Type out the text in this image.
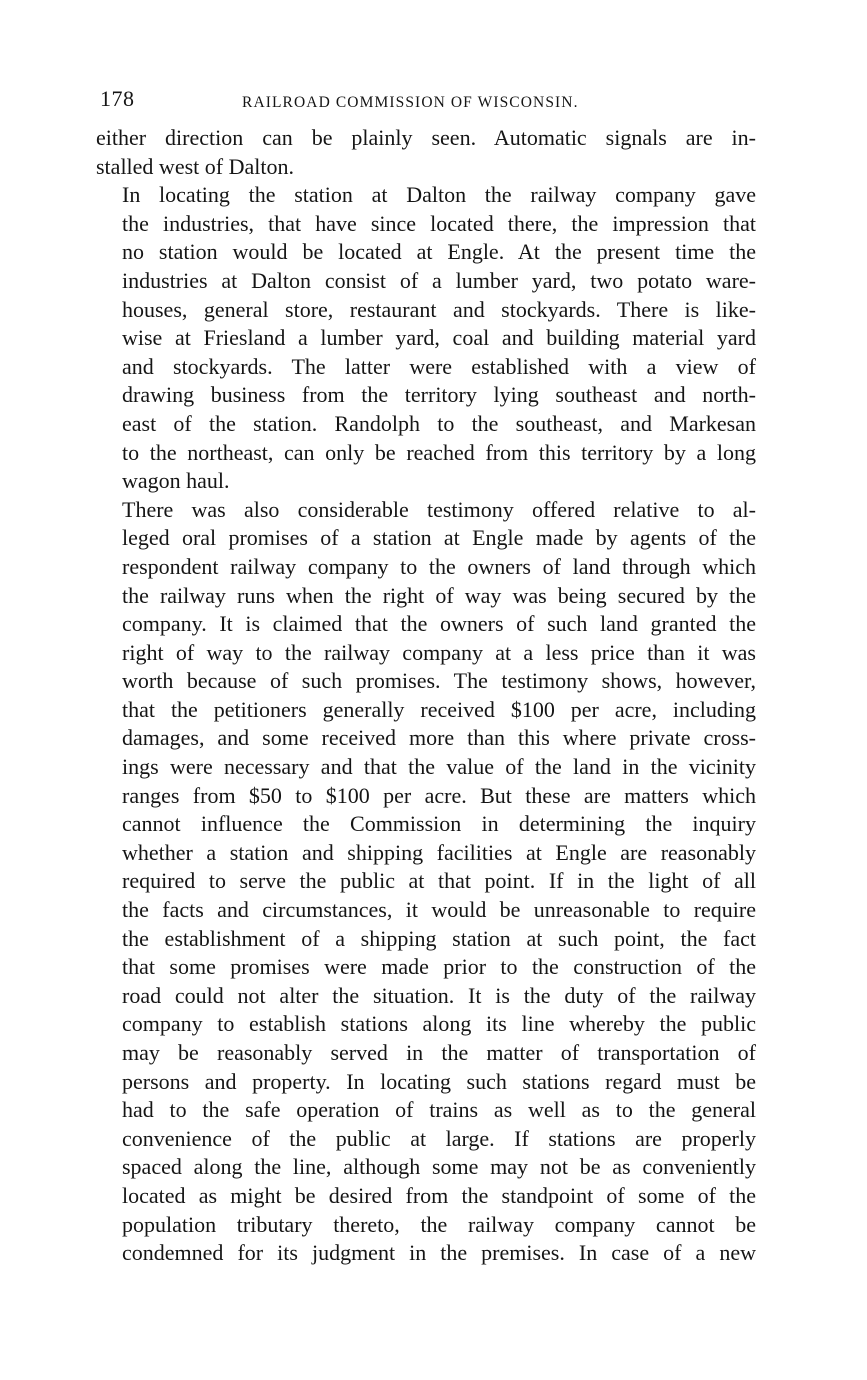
178	RAILROAD COMMISSION OF WISCONSIN.

either direction can be plainly seen. Automatic signals are in-
stalled west of Dalton.

In locating the station at Dalton the railway company gave
the industries, that have since located there, the impression that
no station would be located at Engle. At the present time the
industries at Dalton consist of a lumber yard, two potato ware-
houses, general store, restaurant and stockyards. There is like-
wise at Friesland a lumber yard, coal and building material yard
and stockyards. The latter were established with a view of
drawing business from the territory lying southeast and north-
east of the station. Randolph to the southeast, and Markesan
to the northeast, can only be reached from this territory by a long
wagon haul.

There was also considerable testimony offered relative to al-
leged oral promises of a station at Engle made by agents of the
respondent railway company to the owners of land through which
the railway runs when the right of way was being secured by the
company. It is claimed that the owners of such land granted the
right of way to the railway company at a less price than it was
worth because of such promises. The testimony shows, however,
that the petitioners generally received $100 per acre, including
damages, and some received more than this where private cross-
ings were necessary and that the value of the land in the vicinity
ranges from $50 to $100 per acre. But these are matters which
cannot influence the Commission in determining the inquiry
whether a station and shipping facilities at Engle are reasonably
required to serve the public at that point. If in the light of all
the facts and circumstances, it would be unreasonable to require
the establishment of a shipping station at such point, the fact
that some promises were made prior to the construction of the
road could not alter the situation. It is the duty of the railway
company to establish stations along its line whereby the public
may be reasonably served in the matter of transportation of
persons and property. In locating such stations regard must be
had to the safe operation of trains as well as to the general
convenience of the public at large. If stations are properly
spaced along the line, although some may not be as conveniently
located as might be desired from the standpoint of some of the
population tributary thereto, the railway company cannot be
condemned for its judgment in the premises. In case of a new
